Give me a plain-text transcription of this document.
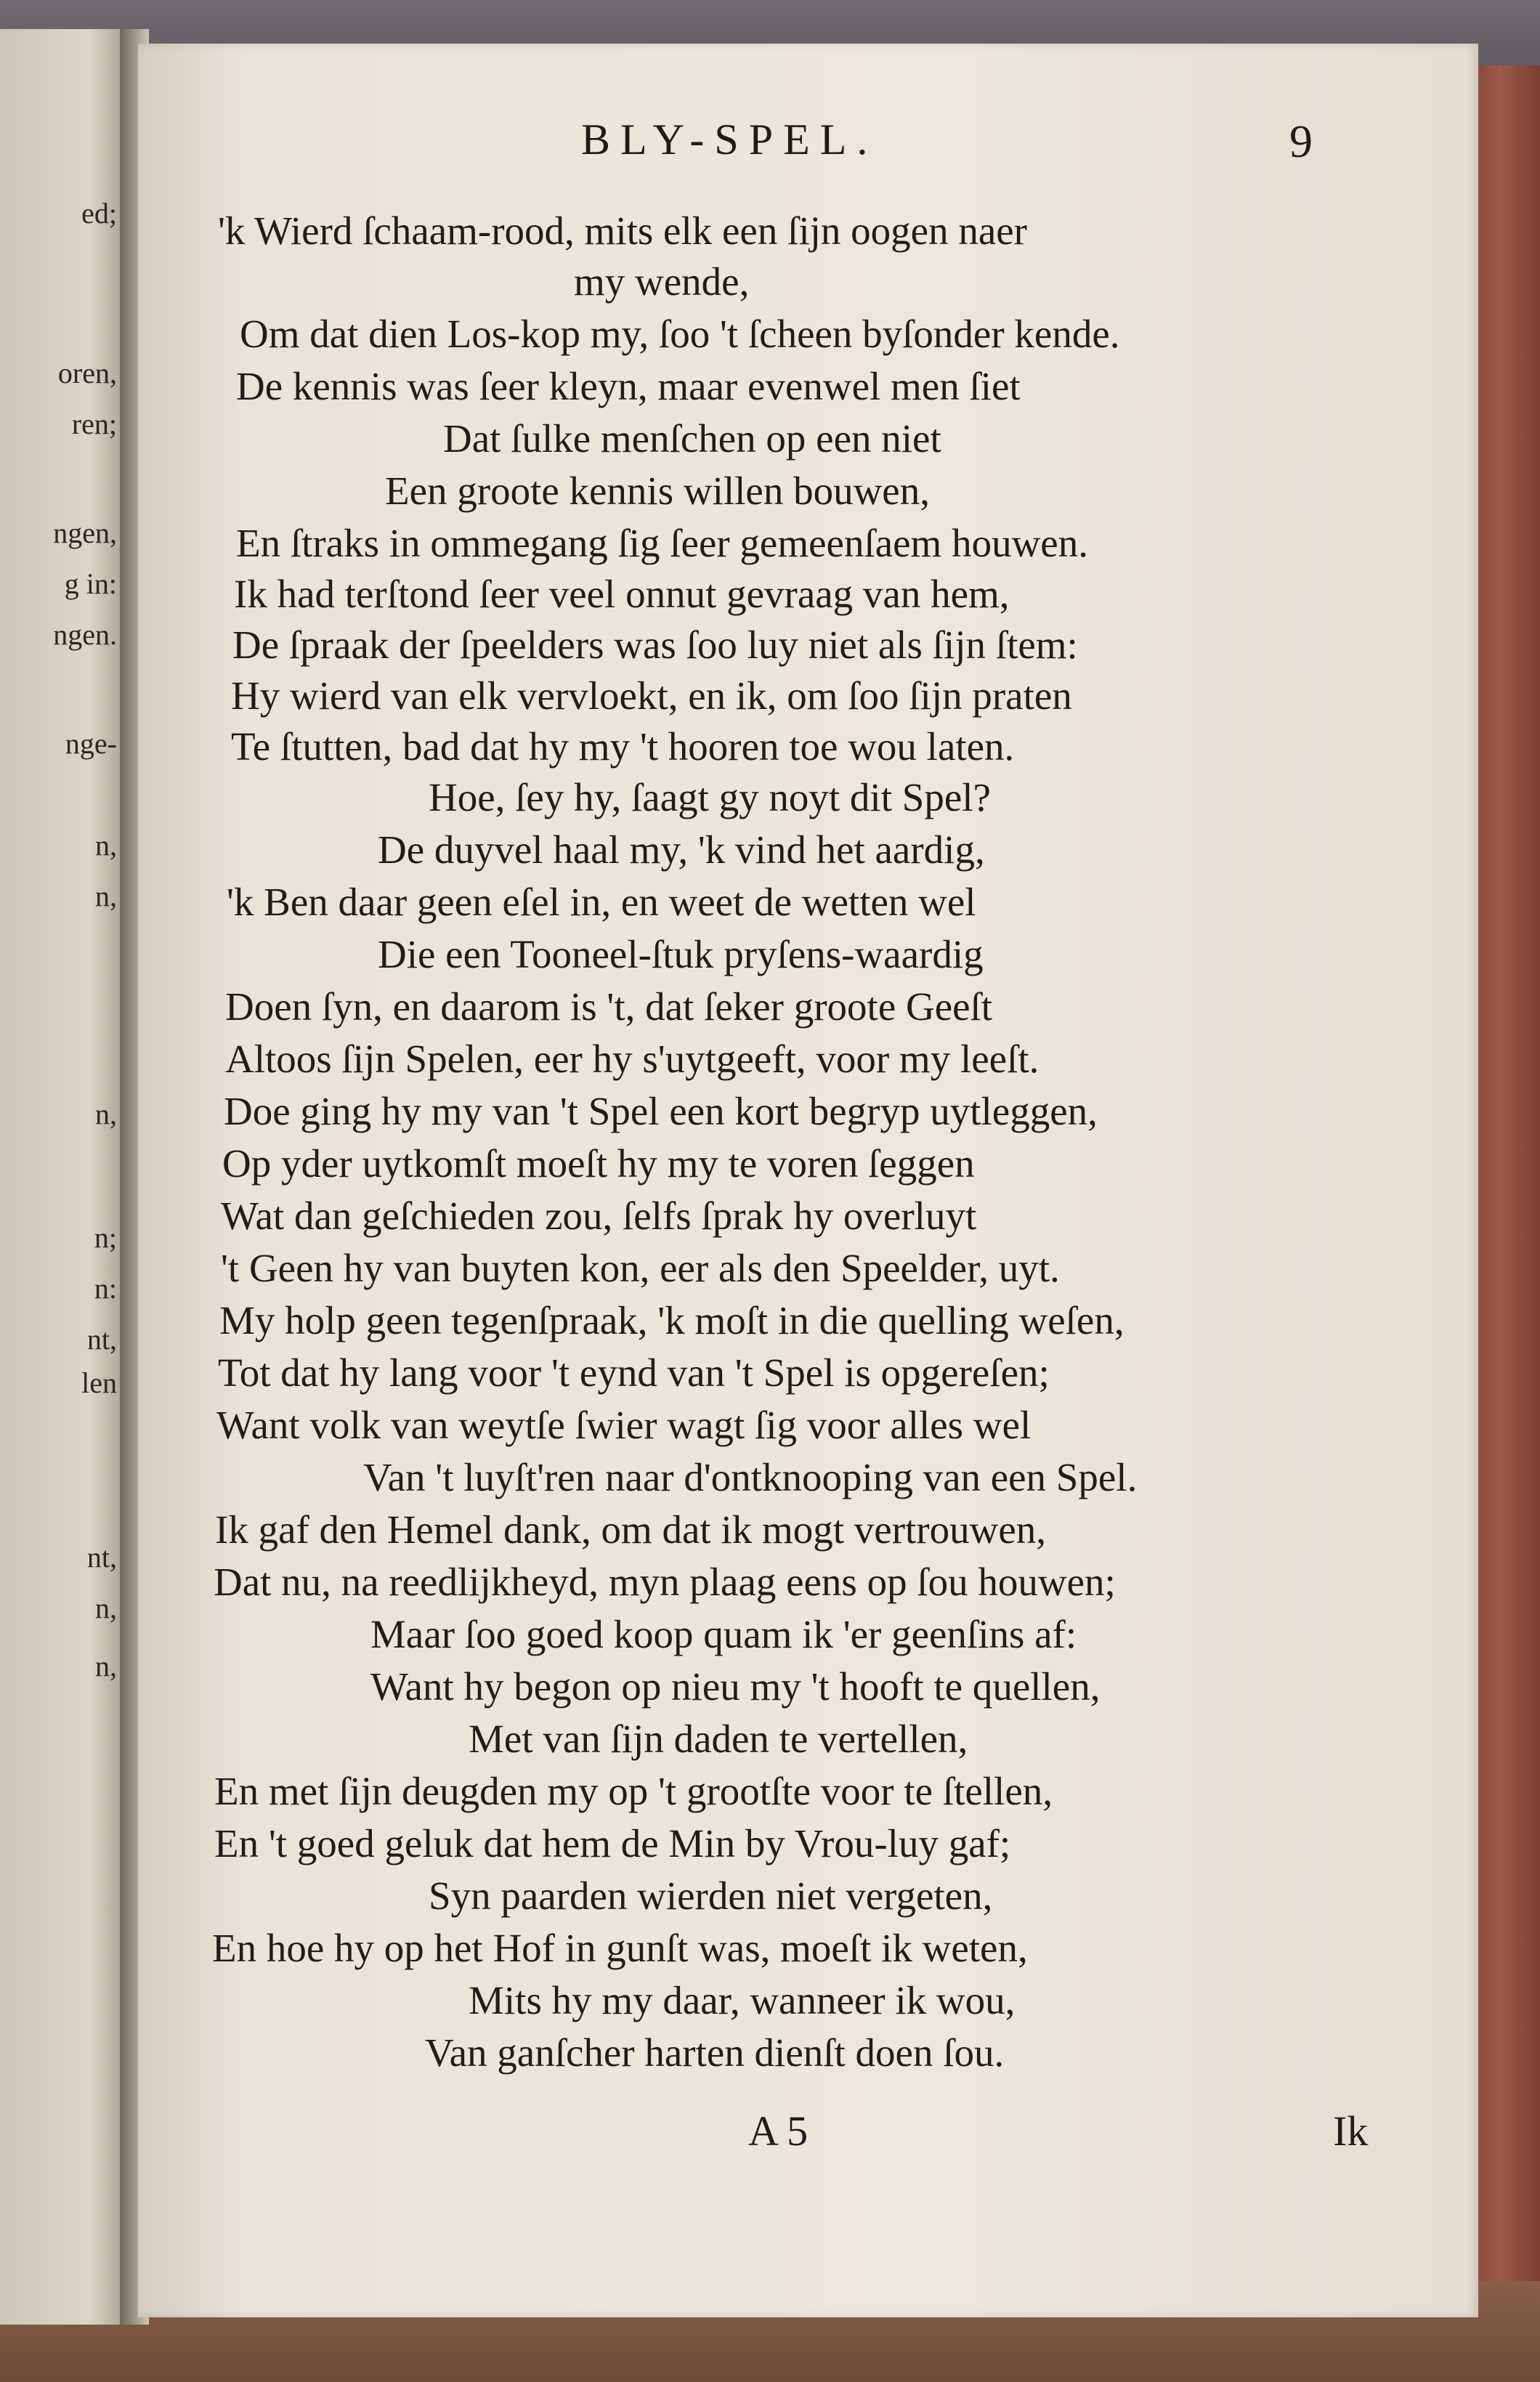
ed;
oren,
ren;
ngen,
g in:
ngen.
nge-
n,
n,
n,
n;
n:
nt,
len
nt,
n,
n,
BLY-SPEL.	9
'k Wierd ſchaam-rood, mits elk een ſijn oogen naer
my wende,
Om dat dien Los-kop my, ſoo 't ſcheen byſonder kende.
De kennis was ſeer kleyn, maar evenwel men ſiet
Dat ſulke menſchen op een niet
Een groote kennis willen bouwen,
En ſtraks in ommegang ſig ſeer gemeenſaem houwen.
Ik had terſtond ſeer veel onnut gevraag van hem,
De ſpraak der ſpeelders was ſoo luy niet als ſijn ſtem:
Hy wierd van elk vervloekt, en ik, om ſoo ſijn praten
Te ſtutten, bad dat hy my 't hooren toe wou laten.
Hoe, ſey hy, ſaagt gy noyt dit Spel?
De duyvel haal my, 'k vind het aardig,
'k Ben daar geen eſel in, en weet de wetten wel
Die een Tooneel-ſtuk pryſens-waardig
Doen ſyn, en daarom is 't, dat ſeker groote Geeſt
Altoos ſijn Spelen, eer hy s'uytgeeft, voor my leeſt.
Doe ging hy my van 't Spel een kort begryp uytleggen,
Op yder uytkomſt moeſt hy my te voren ſeggen
Wat dan geſchieden zou, ſelfs ſprak hy overluyt
't Geen hy van buyten kon, eer als den Speelder, uyt.
My holp geen tegenſpraak, 'k moſt in die quelling weſen,
Tot dat hy lang voor 't eynd van 't Spel is opgereſen;
Want volk van weytſe ſwier wagt ſig voor alles wel
Van 't luyſt'ren naar d'ontknooping van een Spel.
Ik gaf den Hemel dank, om dat ik mogt vertrouwen,
Dat nu, na reedlijkheyd, myn plaag eens op ſou houwen;
Maar ſoo goed koop quam ik 'er geenſins af:
Want hy begon op nieu my 't hooft te quellen,
Met van ſijn daden te vertellen,
En met ſijn deugden my op 't grootſte voor te ſtellen,
En 't goed geluk dat hem de Min by Vrou-luy gaf;
Syn paarden wierden niet vergeten,
En hoe hy op het Hof in gunſt was, moeſt ik weten,
Mits hy my daar, wanneer ik wou,
Van ganſcher harten dienſt doen ſou.
A 5	Ik
